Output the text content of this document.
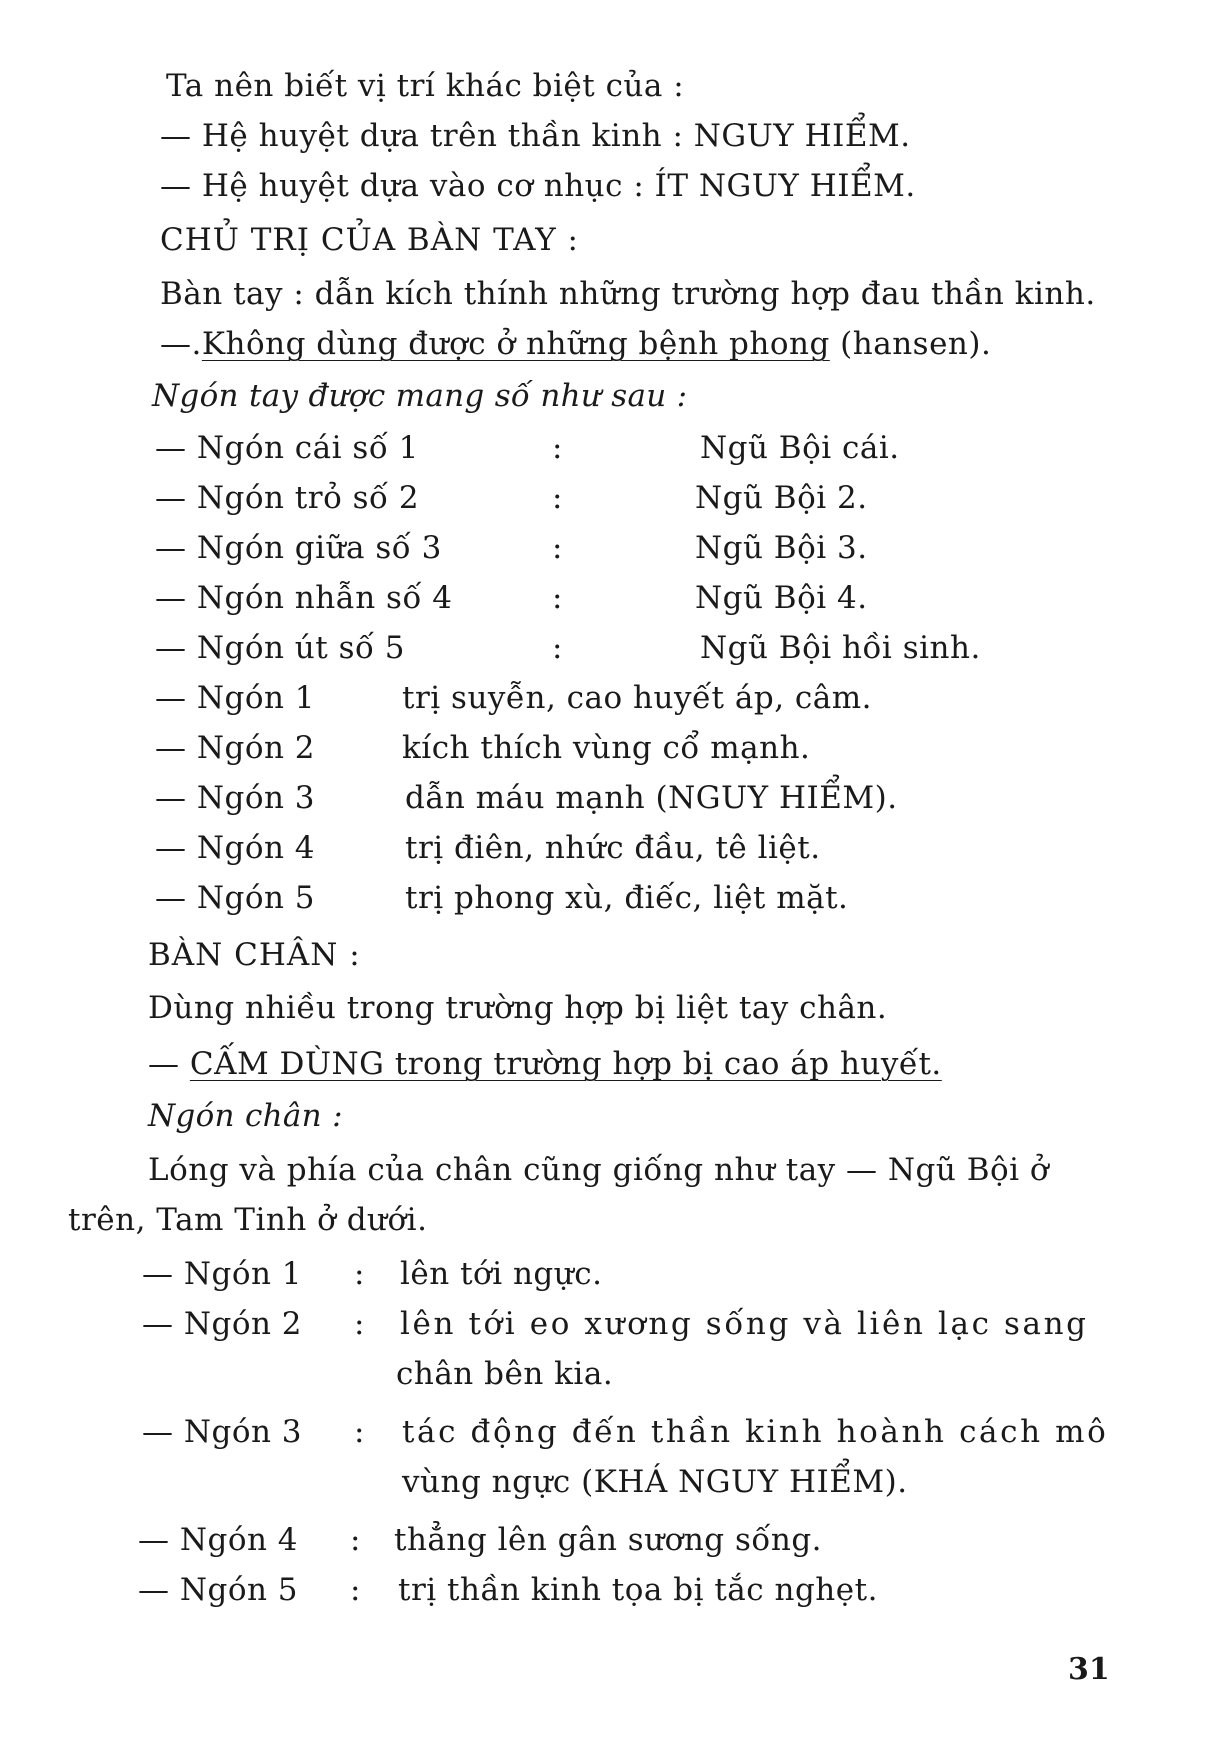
Ta nên biết vị trí khác biệt của :
— Hệ huyệt dựa trên thần kinh : NGUY HIỂM.
— Hệ huyệt dựa vào cơ nhục : ÍT NGUY HIỂM.
CHỦ TRỊ CỦA BÀN TAY :
Bàn tay : dẫn kích thính những trường hợp đau thần kinh.
—.Không dùng được ở những bệnh phong (hansen).
Ngón tay được mang số như sau :
— Ngón cái số 1	:	Ngũ Bội cái.
— Ngón trỏ số 2	:	Ngũ Bội 2.
— Ngón giữa số 3	:	Ngũ Bội 3.
— Ngón nhẫn số 4	:	Ngũ Bội 4.
— Ngón út số 5	:	Ngũ Bội hồi sinh.
— Ngón 1	trị suyễn, cao huyết áp, câm.
— Ngón 2	kích thích vùng cổ mạnh.
— Ngón 3	dẫn máu mạnh (NGUY HIỂM).
— Ngón 4	trị điên, nhức đầu, tê liệt.
— Ngón 5	trị phong xù, điếc, liệt mặt.
BÀN CHÂN :
Dùng nhiều trong trường hợp bị liệt tay chân.
— CẤM DÙNG trong trường hợp bị cao áp huyết.
Ngón chân :
Lóng và phía của chân cũng giống như tay — Ngũ Bội ở
trên, Tam Tinh ở dưới.
— Ngón 1 : lên tới ngực.
— Ngón 2 : lên tới eo xương sống và liên lạc sang
chân bên kia.
— Ngón 3 : tác động đến thần kinh hoành cách mô
vùng ngực (KHÁ NGUY HIỂM).
— Ngón 4 : thẳng lên gân sương sống.
— Ngón 5 : trị thần kinh tọa bị tắc nghẹt.
31
